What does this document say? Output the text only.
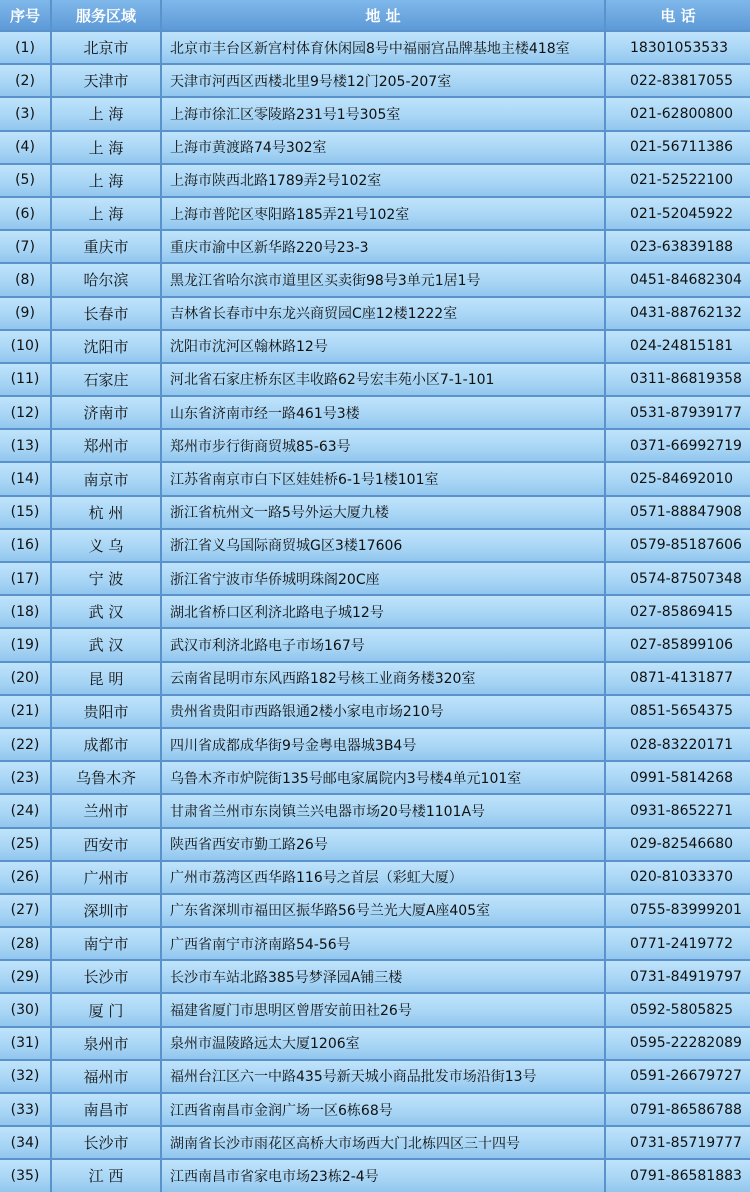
序号	服务区域	地 址	电 话
(1)	北京市	北京市丰台区新宫村体育休闲园8号中福丽宫品牌基地主楼418室	18301053533
(2)	天津市	天津市河西区西楼北里9号楼12门205-207室	022-83817055
(3)	上 海	上海市徐汇区零陵路231号1号305室	021-62800800
(4)	上 海	上海市黄渡路74号302室	021-56711386
(5)	上 海	上海市陕西北路1789弄2号102室	021-52522100
(6)	上 海	上海市普陀区枣阳路185弄21号102室	021-52045922
(7)	重庆市	重庆市渝中区新华路220号23-3	023-63839188
(8)	哈尔滨	黑龙江省哈尔滨市道里区买卖街98号3单元1居1号	0451-84682304
(9)	长春市	吉林省长春市中东龙兴商贸园C座12楼1222室	0431-88762132
(10)	沈阳市	沈阳市沈河区翰林路12号	024-24815181
(11)	石家庄	河北省石家庄桥东区丰收路62号宏丰苑小区7-1-101	0311-86819358
(12)	济南市	山东省济南市经一路461号3楼	0531-87939177
(13)	郑州市	郑州市步行街商贸城85-63号	0371-66992719
(14)	南京市	江苏省南京市白下区娃娃桥6-1号1楼101室	025-84692010
(15)	杭 州	浙江省杭州文一路5号外运大厦九楼	0571-88847908
(16)	义 乌	浙江省义乌国际商贸城G区3楼17606	0579-85187606
(17)	宁 波	浙江省宁波市华侨城明珠阁20C座	0574-87507348
(18)	武 汉	湖北省桥口区利济北路电子城12号	027-85869415
(19)	武 汉	武汉市利济北路电子市场167号	027-85899106
(20)	昆 明	云南省昆明市东风西路182号核工业商务楼320室	0871-4131877
(21)	贵阳市	贵州省贵阳市西路银通2楼小家电市场210号	0851-5654375
(22)	成都市	四川省成都成华街9号金粤电器城3B4号	028-83220171
(23)	乌鲁木齐	乌鲁木齐市炉院街135号邮电家属院内3号楼4单元101室	0991-5814268
(24)	兰州市	甘肃省兰州市东岗镇兰兴电器市场20号楼1101A号	0931-8652271
(25)	西安市	陕西省西安市勤工路26号	029-82546680
(26)	广州市	广州市荔湾区西华路116号之首层（彩虹大厦）	020-81033370
(27)	深圳市	广东省深圳市福田区振华路56号兰光大厦A座405室	0755-83999201
(28)	南宁市	广西省南宁市济南路54-56号	0771-2419772
(29)	长沙市	长沙市车站北路385号梦泽园A铺三楼	0731-84919797
(30)	厦 门	福建省厦门市思明区曾厝安前田社26号	0592-5805825
(31)	泉州市	泉州市温陵路远太大厦1206室	0595-22282089
(32)	福州市	福州台江区六一中路435号新天城小商品批发市场沿街13号	0591-26679727
(33)	南昌市	江西省南昌市金润广场一区6栋68号	0791-86586788
(34)	长沙市	湖南省长沙市雨花区高桥大市场西大门北栋四区三十四号	0731-85719777
(35)	江 西	江西南昌市省家电市场23栋2-4号	0791-86581883
